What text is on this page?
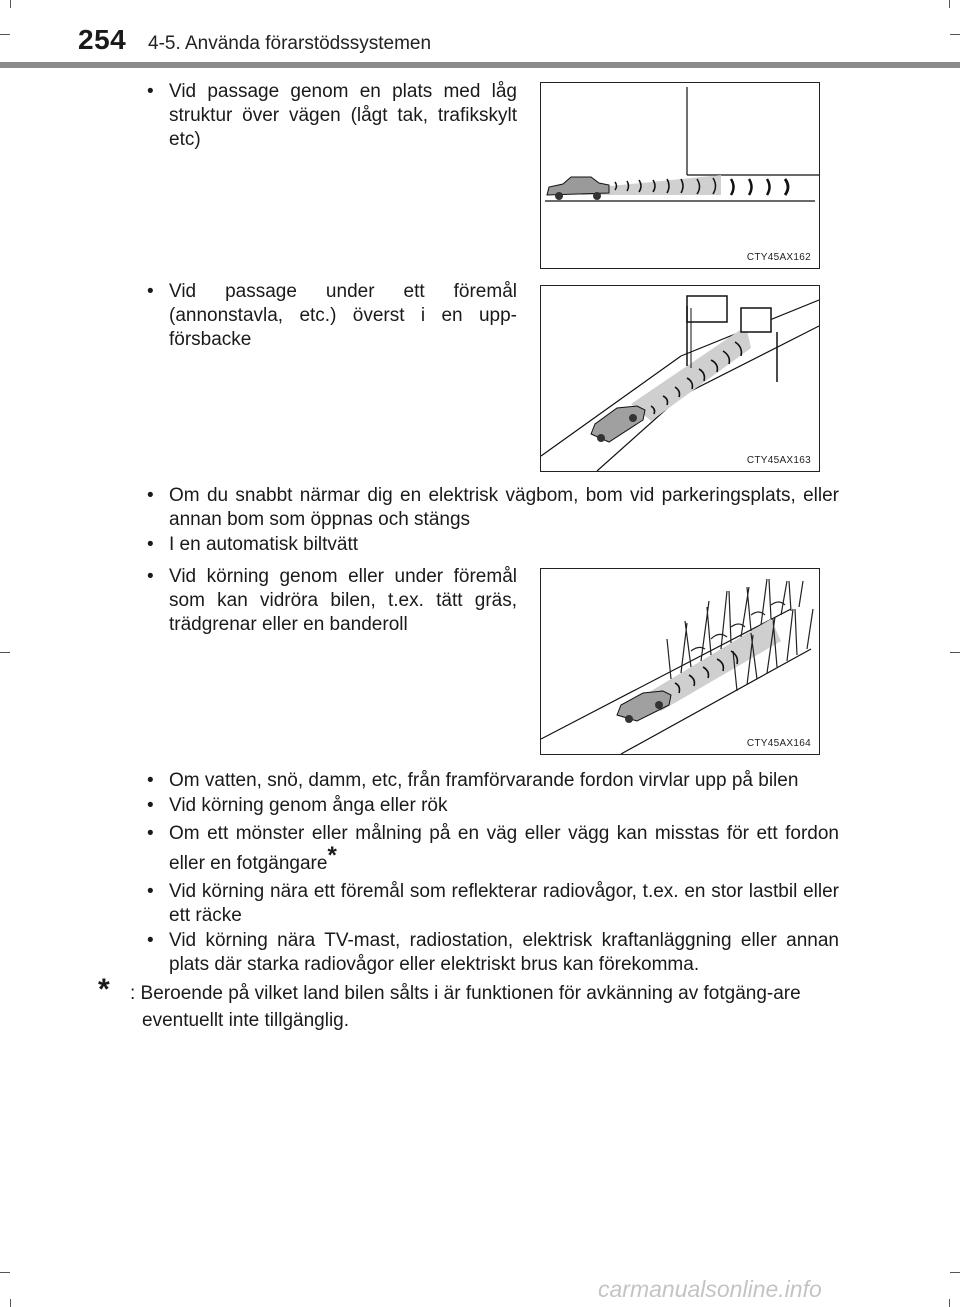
254 4-5. Använda förarstödssystemen

• Vid passage genom en plats med låg struktur över vägen (lågt tak, trafikskylt etc)

CTY45AX162

• Vid passage under ett föremål (annonstavla, etc.) överst i en upp-försbacke

CTY45AX163

• Om du snabbt närmar dig en elektrisk vägbom, bom vid parkeringsplats, eller annan bom som öppnas och stängs

• I en automatisk biltvätt

• Vid körning genom eller under föremål som kan vidröra bilen, t.ex. tätt gräs, trädgrenar eller en banderoll

CTY45AX164

• Om vatten, snö, damm, etc, från framförvarande fordon virvlar upp på bilen

• Vid körning genom ånga eller rök

• Om ett mönster eller målning på en väg eller vägg kan misstas för ett fordon eller en fotgängare*

• Vid körning nära ett föremål som reflekterar radiovågor, t.ex. en stor lastbil eller ett räcke

• Vid körning nära TV-mast, radiostation, elektrisk kraftanläggning eller annan plats där starka radiovågor eller elektriskt brus kan förekomma.

*	: Beroende på vilket land bilen sålts i är funktionen för avkänning av fotgäng-are eventuellt inte tillgänglig.
carmanualsonline.info
